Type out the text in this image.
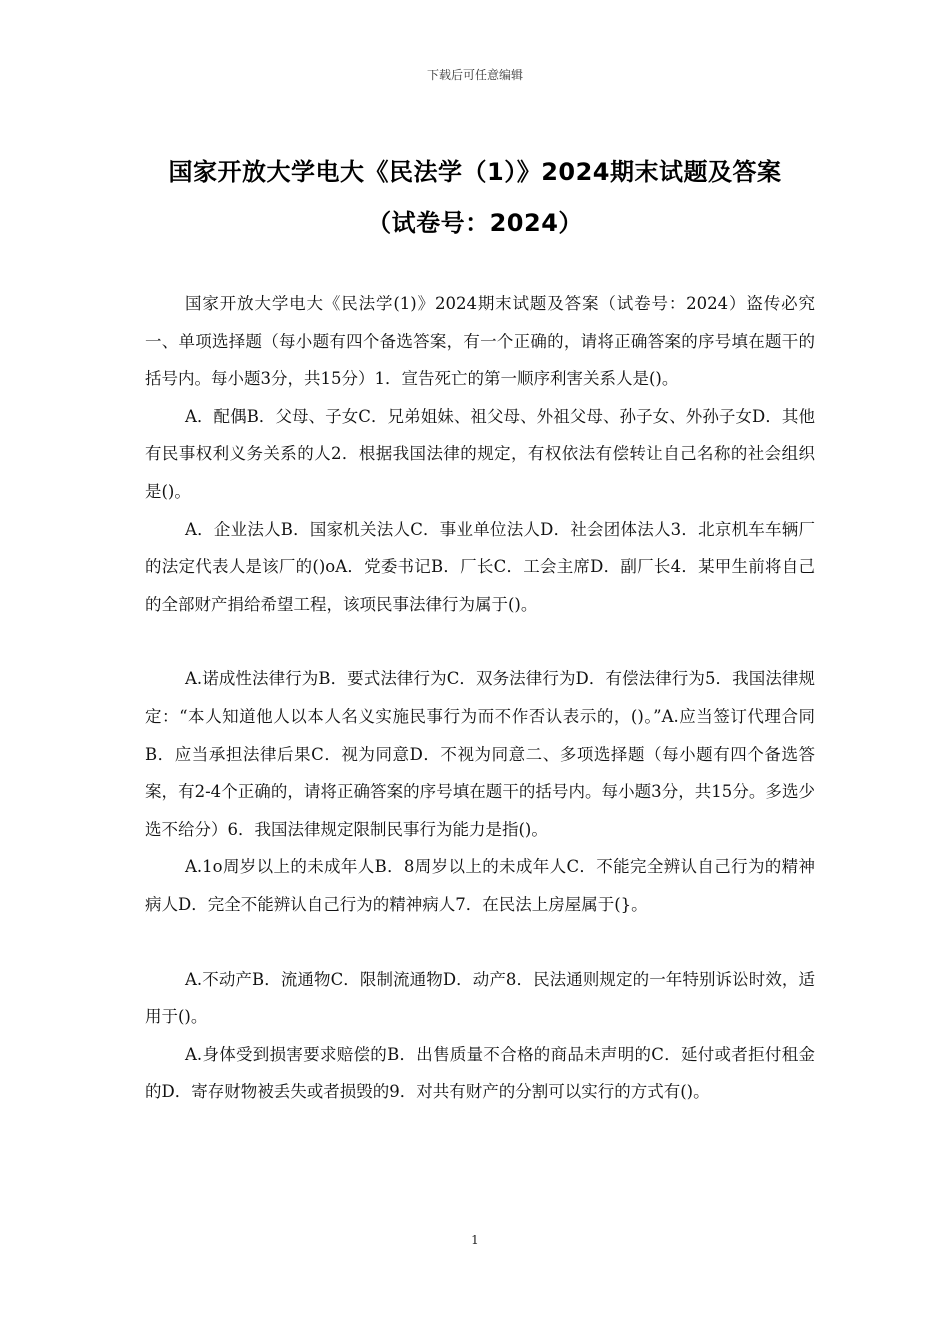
下载后可任意编辑
国家开放大学电大《民法学（1）》2024期末试题及答案
（试卷号：2024）

国家开放大学电大《民法学(1)》2024期末试题及答案（试卷号：2024）盗传必究一、单项选择题（每小题有四个备选答案，有一个正确的，请将正确答案的序号填在题干的括号内。每小题3分，共15分）1．宣告死亡的第一顺序利害关系人是()。

A．配偶B．父母、子女C．兄弟姐妹、祖父母、外祖父母、孙子女、外孙子女D．其他有民事权利义务关系的人2．根据我国法律的规定，有权依法有偿转让自己名称的社会组织是()。

A．企业法人B．国家机关法人C．事业单位法人D．社会团体法人3．北京机车车辆厂的法定代表人是该厂的()oA．党委书记B．厂长C．工会主席D．副厂长4．某甲生前将自己的全部财产捐给希望工程，该项民事法律行为属于()。

A.诺成性法律行为B．要式法律行为C．双务法律行为D．有偿法律行为5．我国法律规定：“本人知道他人以本人名义实施民事行为而不作否认表示的，()。”A.应当签订代理合同B．应当承担法律后果C．视为同意D．不视为同意二、多项选择题（每小题有四个备选答案，有2-4个正确的，请将正确答案的序号填在题干的括号内。每小题3分，共15分。多选少选不给分）6．我国法律规定限制民事行为能力是指()。

A.1o周岁以上的未成年人B．8周岁以上的未成年人C．不能完全辨认自己行为的精神病人D．完全不能辨认自己行为的精神病人7．在民法上房屋属于(}。

A.不动产B．流通物C．限制流通物D．动产8．民法通则规定的一年特别诉讼时效，适用于()。

A.身体受到损害要求赔偿的B．出售质量不合格的商品未声明的C．延付或者拒付租金的D．寄存财物被丢失或者损毁的9．对共有财产的分割可以实行的方式有()。

1
